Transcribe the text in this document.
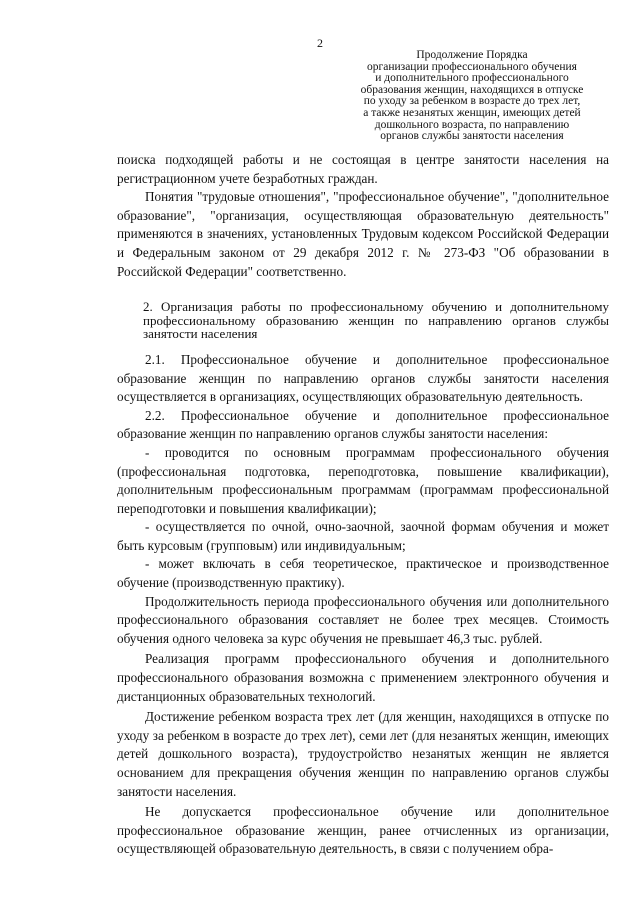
2
Продолжение Порядка
организации профессионального обучения
и дополнительного профессионального
образования женщин, находящихся в отпуске
по уходу за ребенком в возрасте до трех лет,
а также незанятых женщин, имеющих детей
дошкольного возраста, по направлению
органов службы занятости населения

поиска подходящей работы и не состоящая в центре занятости населения на регистрационном учете безработных граждан.

Понятия "трудовые отношения", "профессиональное обучение", "дополнительное образование", "организация, осуществляющая образовательную деятельность" применяются в значениях, установленных Трудовым кодексом Российской Федерации и Федеральным законом от 29 декабря 2012 г. № 273-ФЗ "Об образовании в Российской Федерации" соответственно.

2. Организация работы по профессиональному обучению и дополнительному профессиональному образованию женщин по направлению органов службы занятости населения

2.1. Профессиональное обучение и дополнительное профессиональное образование женщин по направлению органов службы занятости населения осуществляется в организациях, осуществляющих образовательную деятельность.

2.2. Профессиональное обучение и дополнительное профессиональное образование женщин по направлению органов службы занятости населения:

- проводится по основным программам профессионального обучения (профессиональная подготовка, переподготовка, повышение квалификации), дополнительным профессиональным программам (программам профессиональной переподготовки и повышения квалификации);

- осуществляется по очной, очно-заочной, заочной формам обучения и может быть курсовым (групповым) или индивидуальным;

- может включать в себя теоретическое, практическое и производственное обучение (производственную практику).

Продолжительность периода профессионального обучения или дополнительного профессионального образования составляет не более трех месяцев. Стоимость обучения одного человека за курс обучения не превышает 46,3 тыс. рублей.

Реализация программ профессионального обучения и дополнительного профессионального образования возможна с применением электронного обучения и дистанционных образовательных технологий.

Достижение ребенком возраста трех лет (для женщин, находящихся в отпуске по уходу за ребенком в возрасте до трех лет), семи лет (для незанятых женщин, имеющих детей дошкольного возраста), трудоустройство незанятых женщин не является основанием для прекращения обучения женщин по направлению органов службы занятости населения.

Не допускается профессиональное обучение или дополнительное профессиональное образование женщин, ранее отчисленных из организации, осуществляющей образовательную деятельность, в связи с получением обра-
